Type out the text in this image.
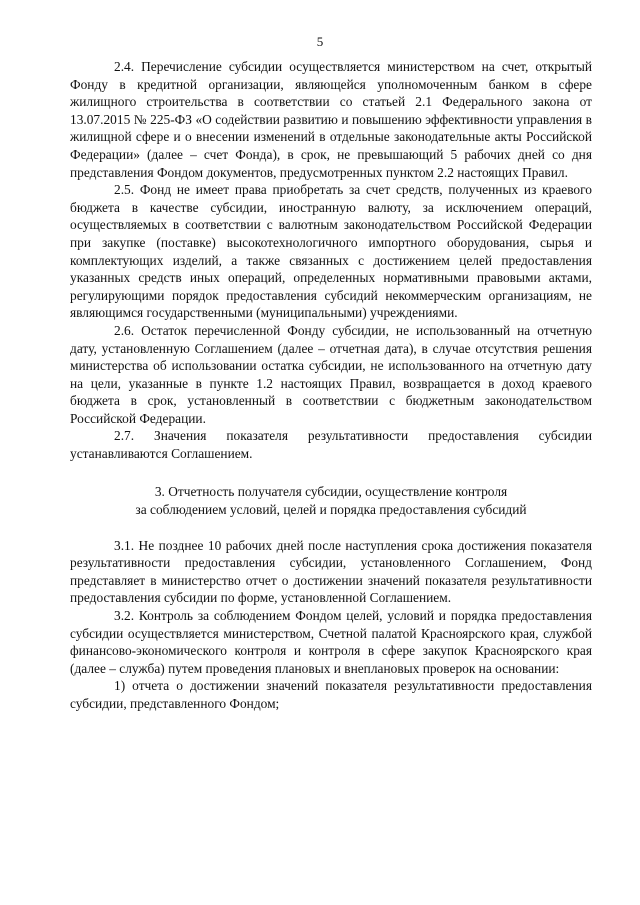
5

2.4. Перечисление субсидии осуществляется министерством на счет, открытый Фонду в кредитной организации, являющейся уполномоченным банком в сфере жилищного строительства в соответствии со статьей 2.1 Федерального закона от 13.07.2015 № 225-ФЗ «О содействии развитию и повышению эффективности управления в жилищной сфере и о внесении изменений в отдельные законодательные акты Российской Федерации» (далее – счет Фонда), в срок, не превышающий 5 рабочих дней со дня представления Фондом документов, предусмотренных пунктом 2.2 настоящих Правил.

2.5. Фонд не имеет права приобретать за счет средств, полученных из краевого бюджета в качестве субсидии, иностранную валюту, за исключением операций, осуществляемых в соответствии с валютным законодательством Российской Федерации при закупке (поставке) высокотехнологичного импортного оборудования, сырья и комплектующих изделий, а также связанных с достижением целей предоставления указанных средств иных операций, определенных нормативными правовыми актами, регулирующими порядок предоставления субсидий некоммерческим организациям, не являющимся государственными (муниципальными) учреждениями.

2.6. Остаток перечисленной Фонду субсидии, не использованный на отчетную дату, установленную Соглашением (далее – отчетная дата), в случае отсутствия решения министерства об использовании остатка субсидии, не использованного на отчетную дату на цели, указанные в пункте 1.2 настоящих Правил, возвращается в доход краевого бюджета в срок, установленный в соответствии с бюджетным законодательством Российской Федерации.

2.7. Значения показателя результативности предоставления субсидии устанавливаются Соглашением.

3. Отчетность получателя субсидии, осуществление контроля
за соблюдением условий, целей и порядка предоставления субсидий

3.1. Не позднее 10 рабочих дней после наступления срока достижения показателя результативности предоставления субсидии, установленного Соглашением, Фонд представляет в министерство отчет о достижении значений показателя результативности предоставления субсидии по форме, установленной Соглашением.

3.2. Контроль за соблюдением Фондом целей, условий и порядка предоставления субсидии осуществляется министерством, Счетной палатой Красноярского края, службой финансово-экономического контроля и контроля в сфере закупок Красноярского края (далее – служба) путем проведения плановых и внеплановых проверок на основании:

1) отчета о достижении значений показателя результативности предоставления субсидии, представленного Фондом;
